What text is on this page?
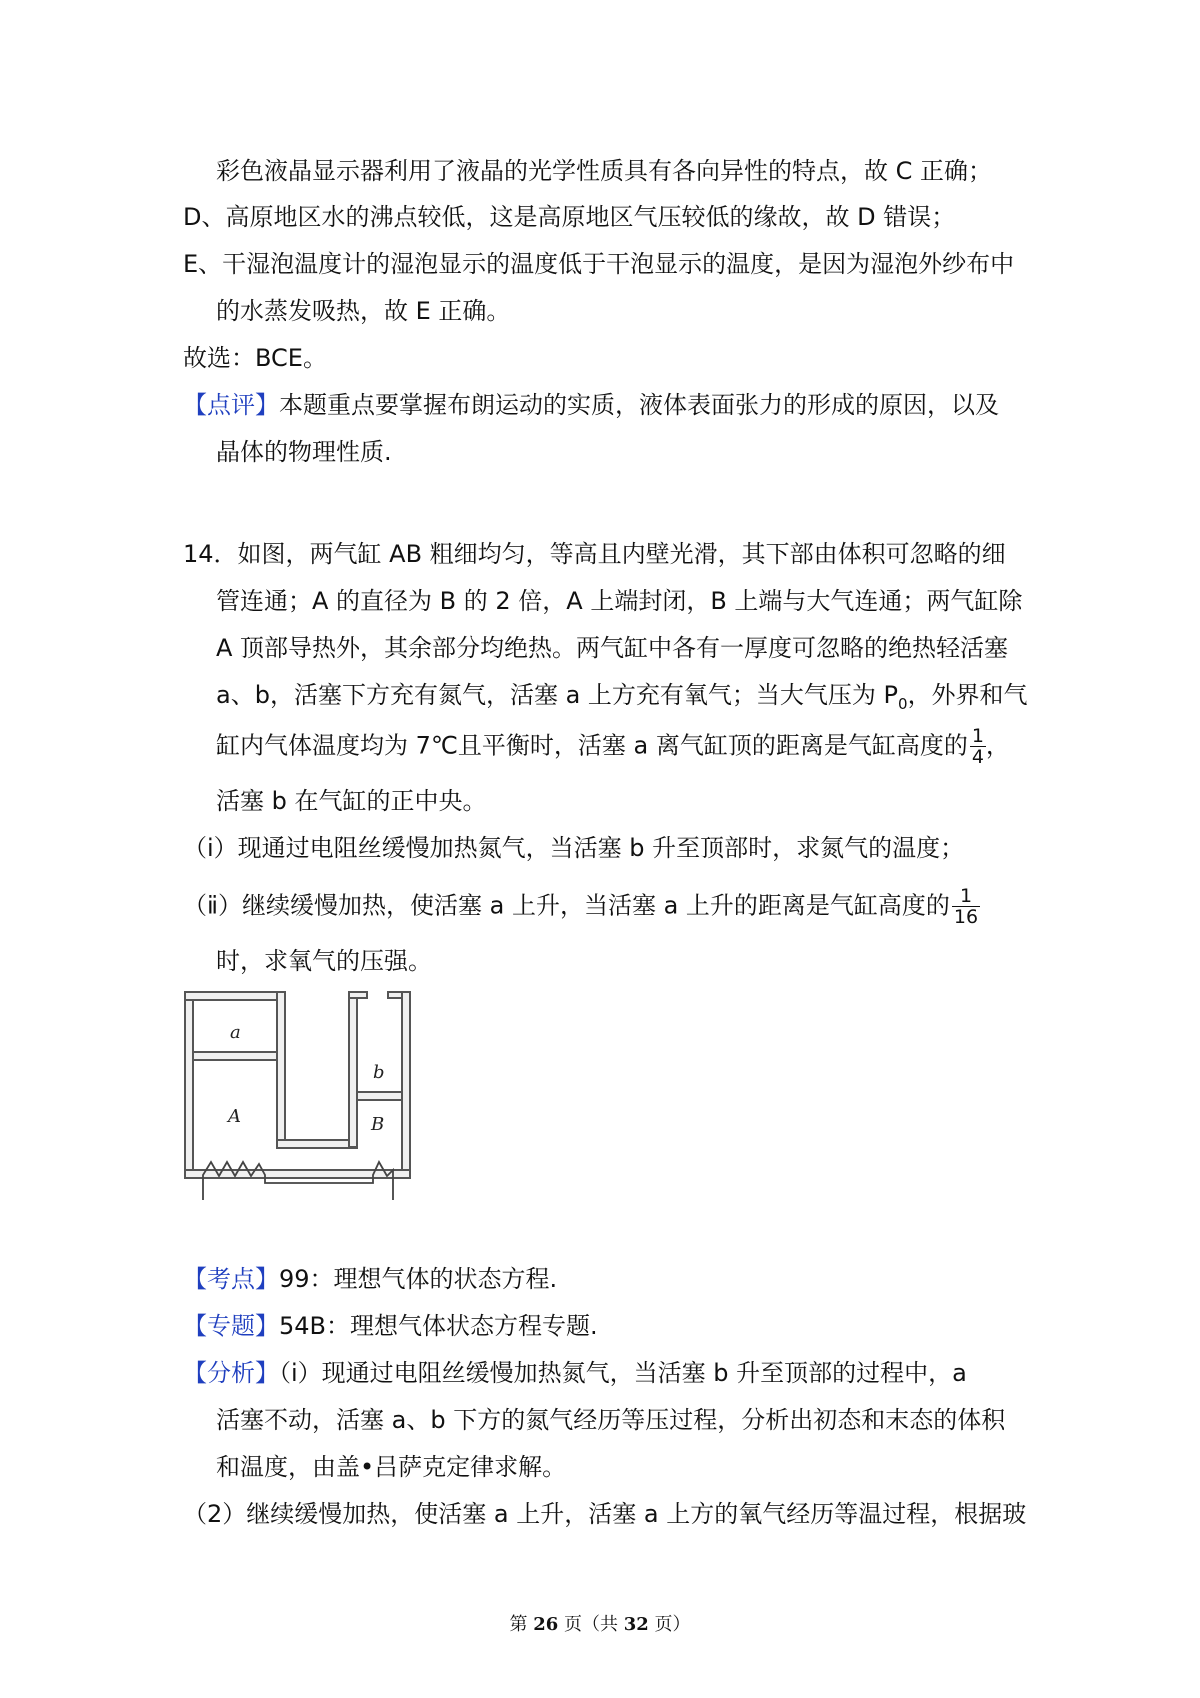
彩色液晶显示器利用了液晶的光学性质具有各向异性的特点，故 C 正确；
D、高原地区水的沸点较低，这是高原地区气压较低的缘故，故 D 错误；
E、干湿泡温度计的湿泡显示的温度低于干泡显示的温度，是因为湿泡外纱布中
的水蒸发吸热，故 E 正确。
故选：BCE。
【点评】本题重点要掌握布朗运动的实质，液体表面张力的形成的原因，以及
晶体的物理性质.
14．如图，两气缸 AB 粗细均匀，等高且内壁光滑，其下部由体积可忽略的细
管连通；A 的直径为 B 的 2 倍，A 上端封闭，B 上端与大气连通；两气缸除
A 顶部导热外，其余部分均绝热。两气缸中各有一厚度可忽略的绝热轻活塞
a、b，活塞下方充有氮气，活塞 a 上方充有氧气；当大气压为 $P_0$，外界和气
缸内气体温度均为 7℃且平衡时，活塞 a 离气缸顶的距离是气缸高度的 $\frac{1}{4}$ ，
活塞 b 在气缸的正中央。
（ⅰ）现通过电阻丝缓慢加热氮气，当活塞 b 升至顶部时，求氮气的温度；
（ⅱ）继续缓慢加热，使活塞 a 上升，当活塞 a 上升的距离是气缸高度的 $\frac{1}{16}$
时，求氧气的压强。
a
A
b
B
【考点】99：理想气体的状态方程.
【专题】54B：理想气体状态方程专题.
【分析】（ⅰ）现通过电阻丝缓慢加热氮气，当活塞 b 升至顶部的过程中，a
活塞不动，活塞 a、b 下方的氮气经历等压过程，分析出初态和末态的体积
和温度，由盖•吕萨克定律求解。
（2）继续缓慢加热，使活塞 a 上升，活塞 a 上方的氧气经历等温过程，根据玻
第 26 页（共 32 页）
